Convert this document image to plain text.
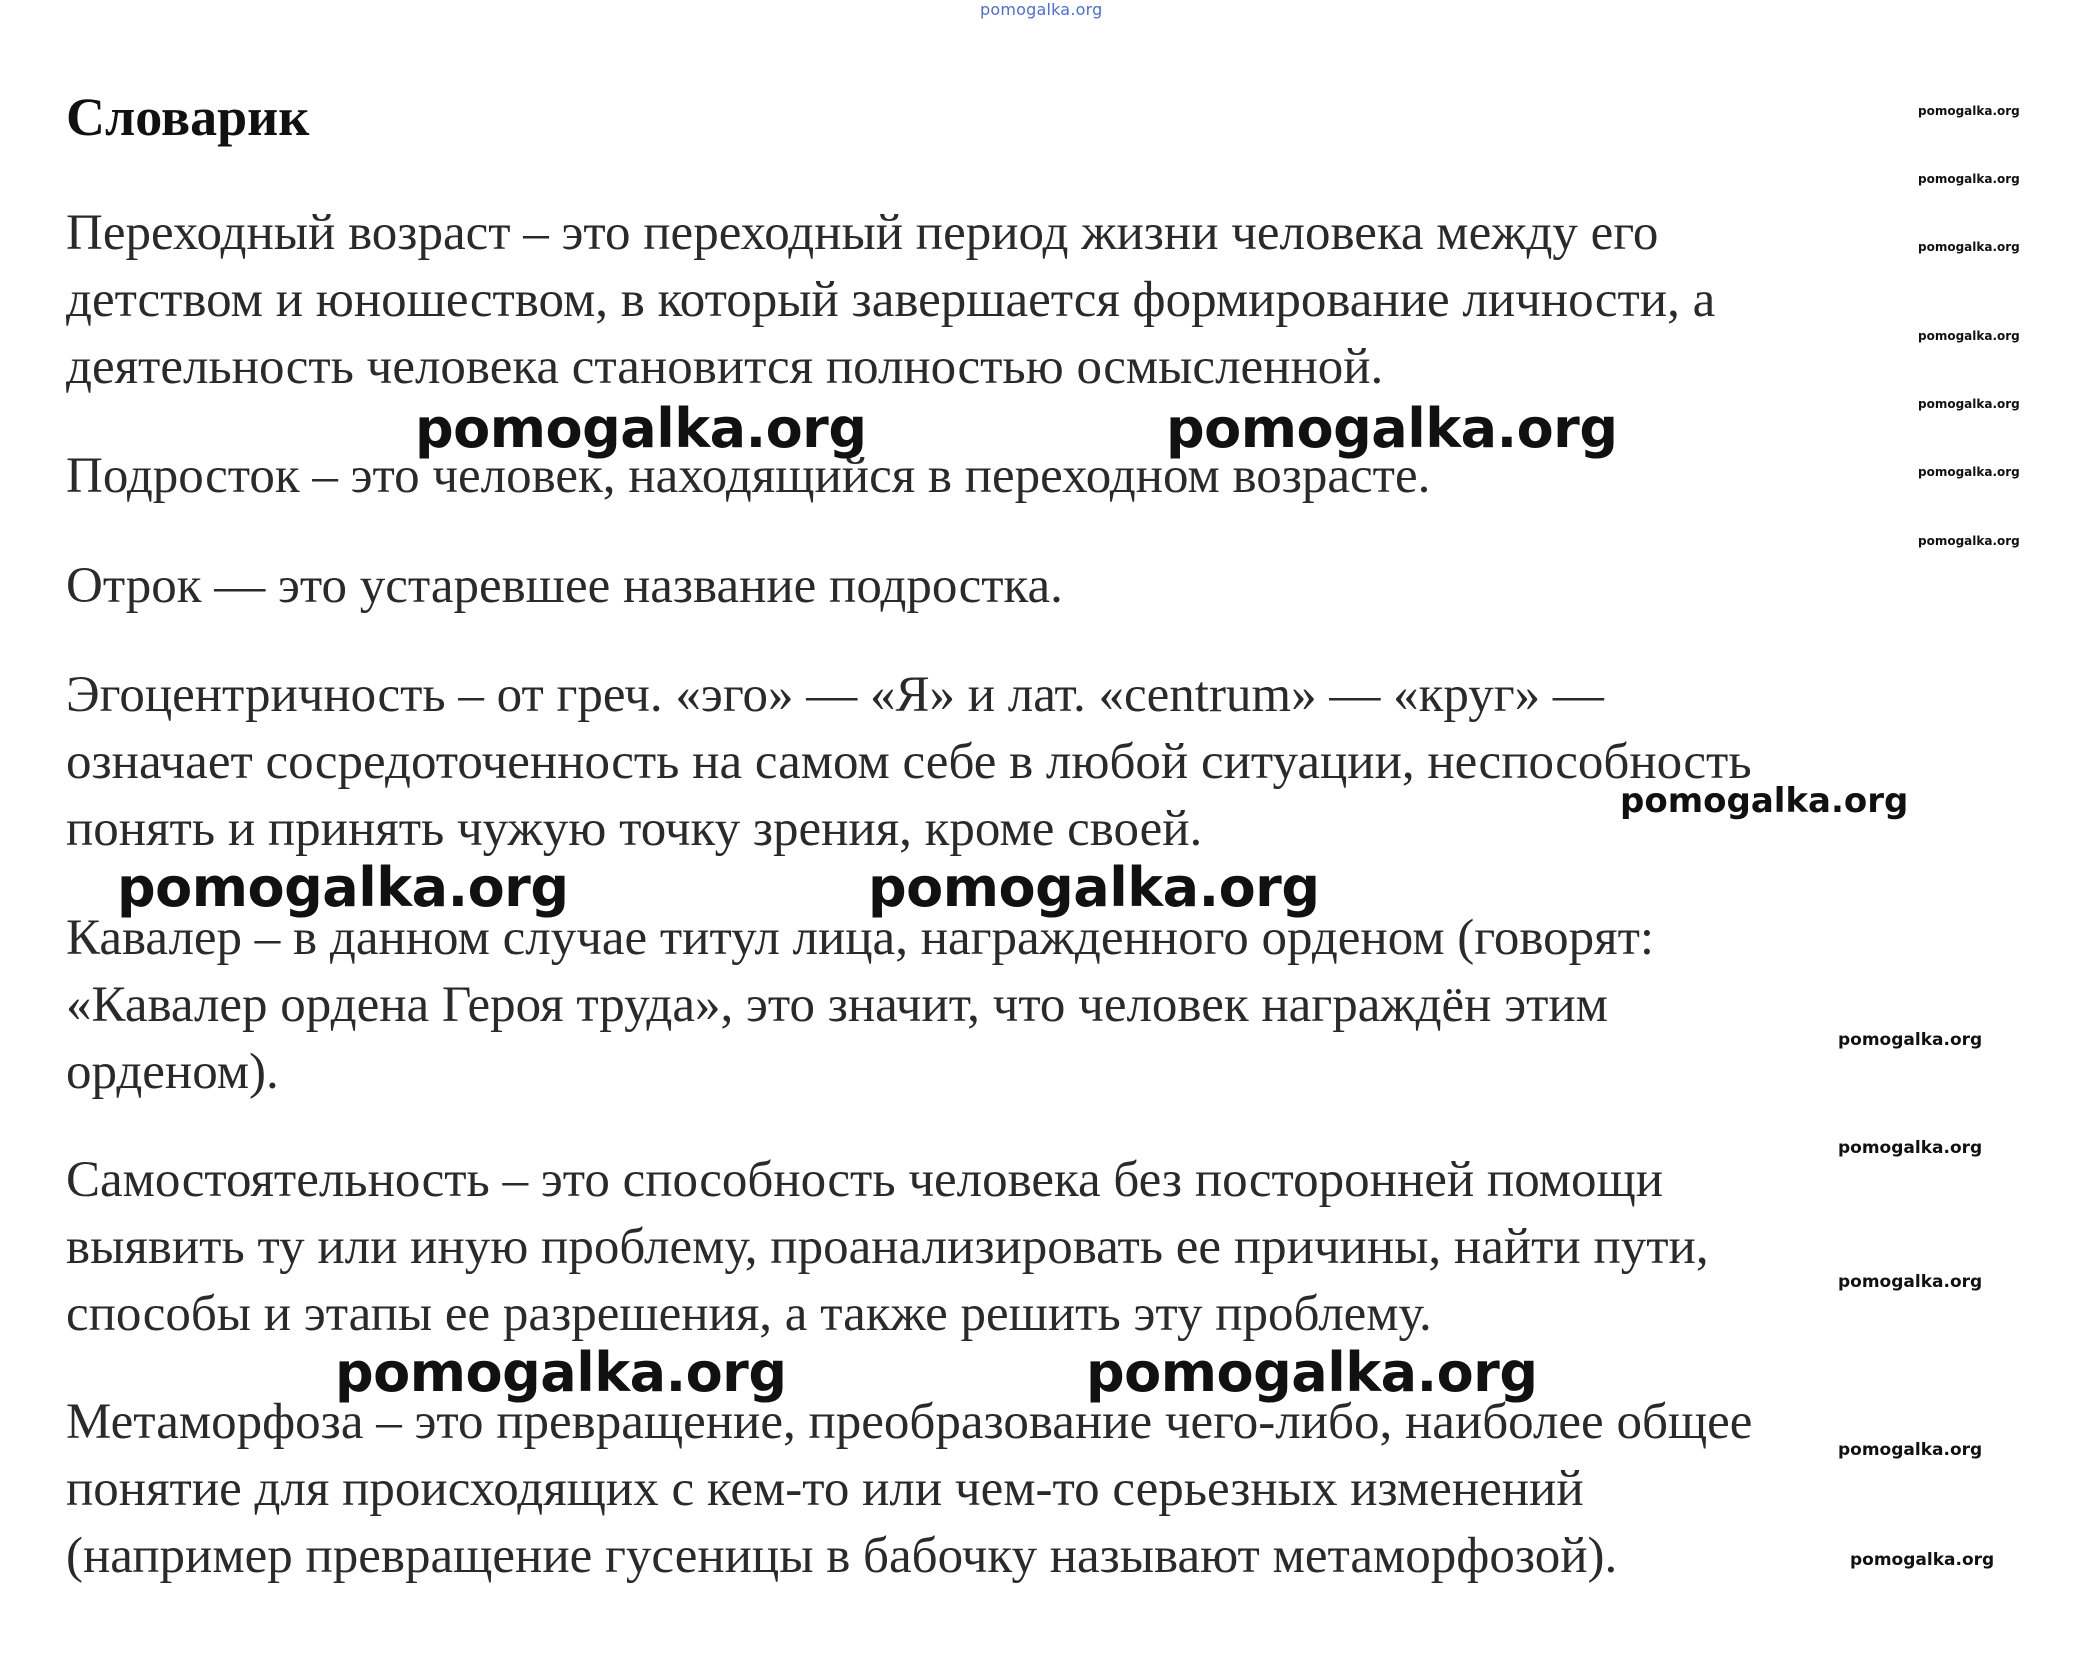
pomogalka.org
Словарик

Переходный возраст – это переходный период жизни человека между его
детством и юношеством, в который завершается формирование личности, а
деятельность человека становится полностью осмысленной.

Подросток – это человек, находящийся в переходном возрасте.

Отрок — это устаревшее название подростка.

Эгоцентричность – от греч. «эго» — «Я» и лат. «centrum» — «круг» —
означает сосредоточенность на самом себе в любой ситуации, неспособность
понять и принять чужую точку зрения, кроме своей.

Кавалер – в данном случае титул лица, награжденного орденом (говорят:
«Кавалер ордена Героя труда», это значит, что человек награждён этим
орденом).

Самостоятельность – это способность человека без посторонней помощи
выявить ту или иную проблему, проанализировать ее причины, найти пути,
способы и этапы ее разрешения, а также решить эту проблему.

Метаморфоза – это превращение, преобразование чего-либо, наиболее общее
понятие для происходящих с кем-то или чем-то серьезных изменений
(например превращение гусеницы в бабочку называют метаморфозой).

pomogalka.org	pomogalka.org
pomogalka.org	pomogalka.org
pomogalka.org	pomogalka.org
pomogalka.org
pomogalka.org
pomogalka.org
pomogalka.org
pomogalka.org
pomogalka.org
pomogalka.org
pomogalka.org
pomogalka.org
pomogalka.org
pomogalka.org
pomogalka.org
pomogalka.org
